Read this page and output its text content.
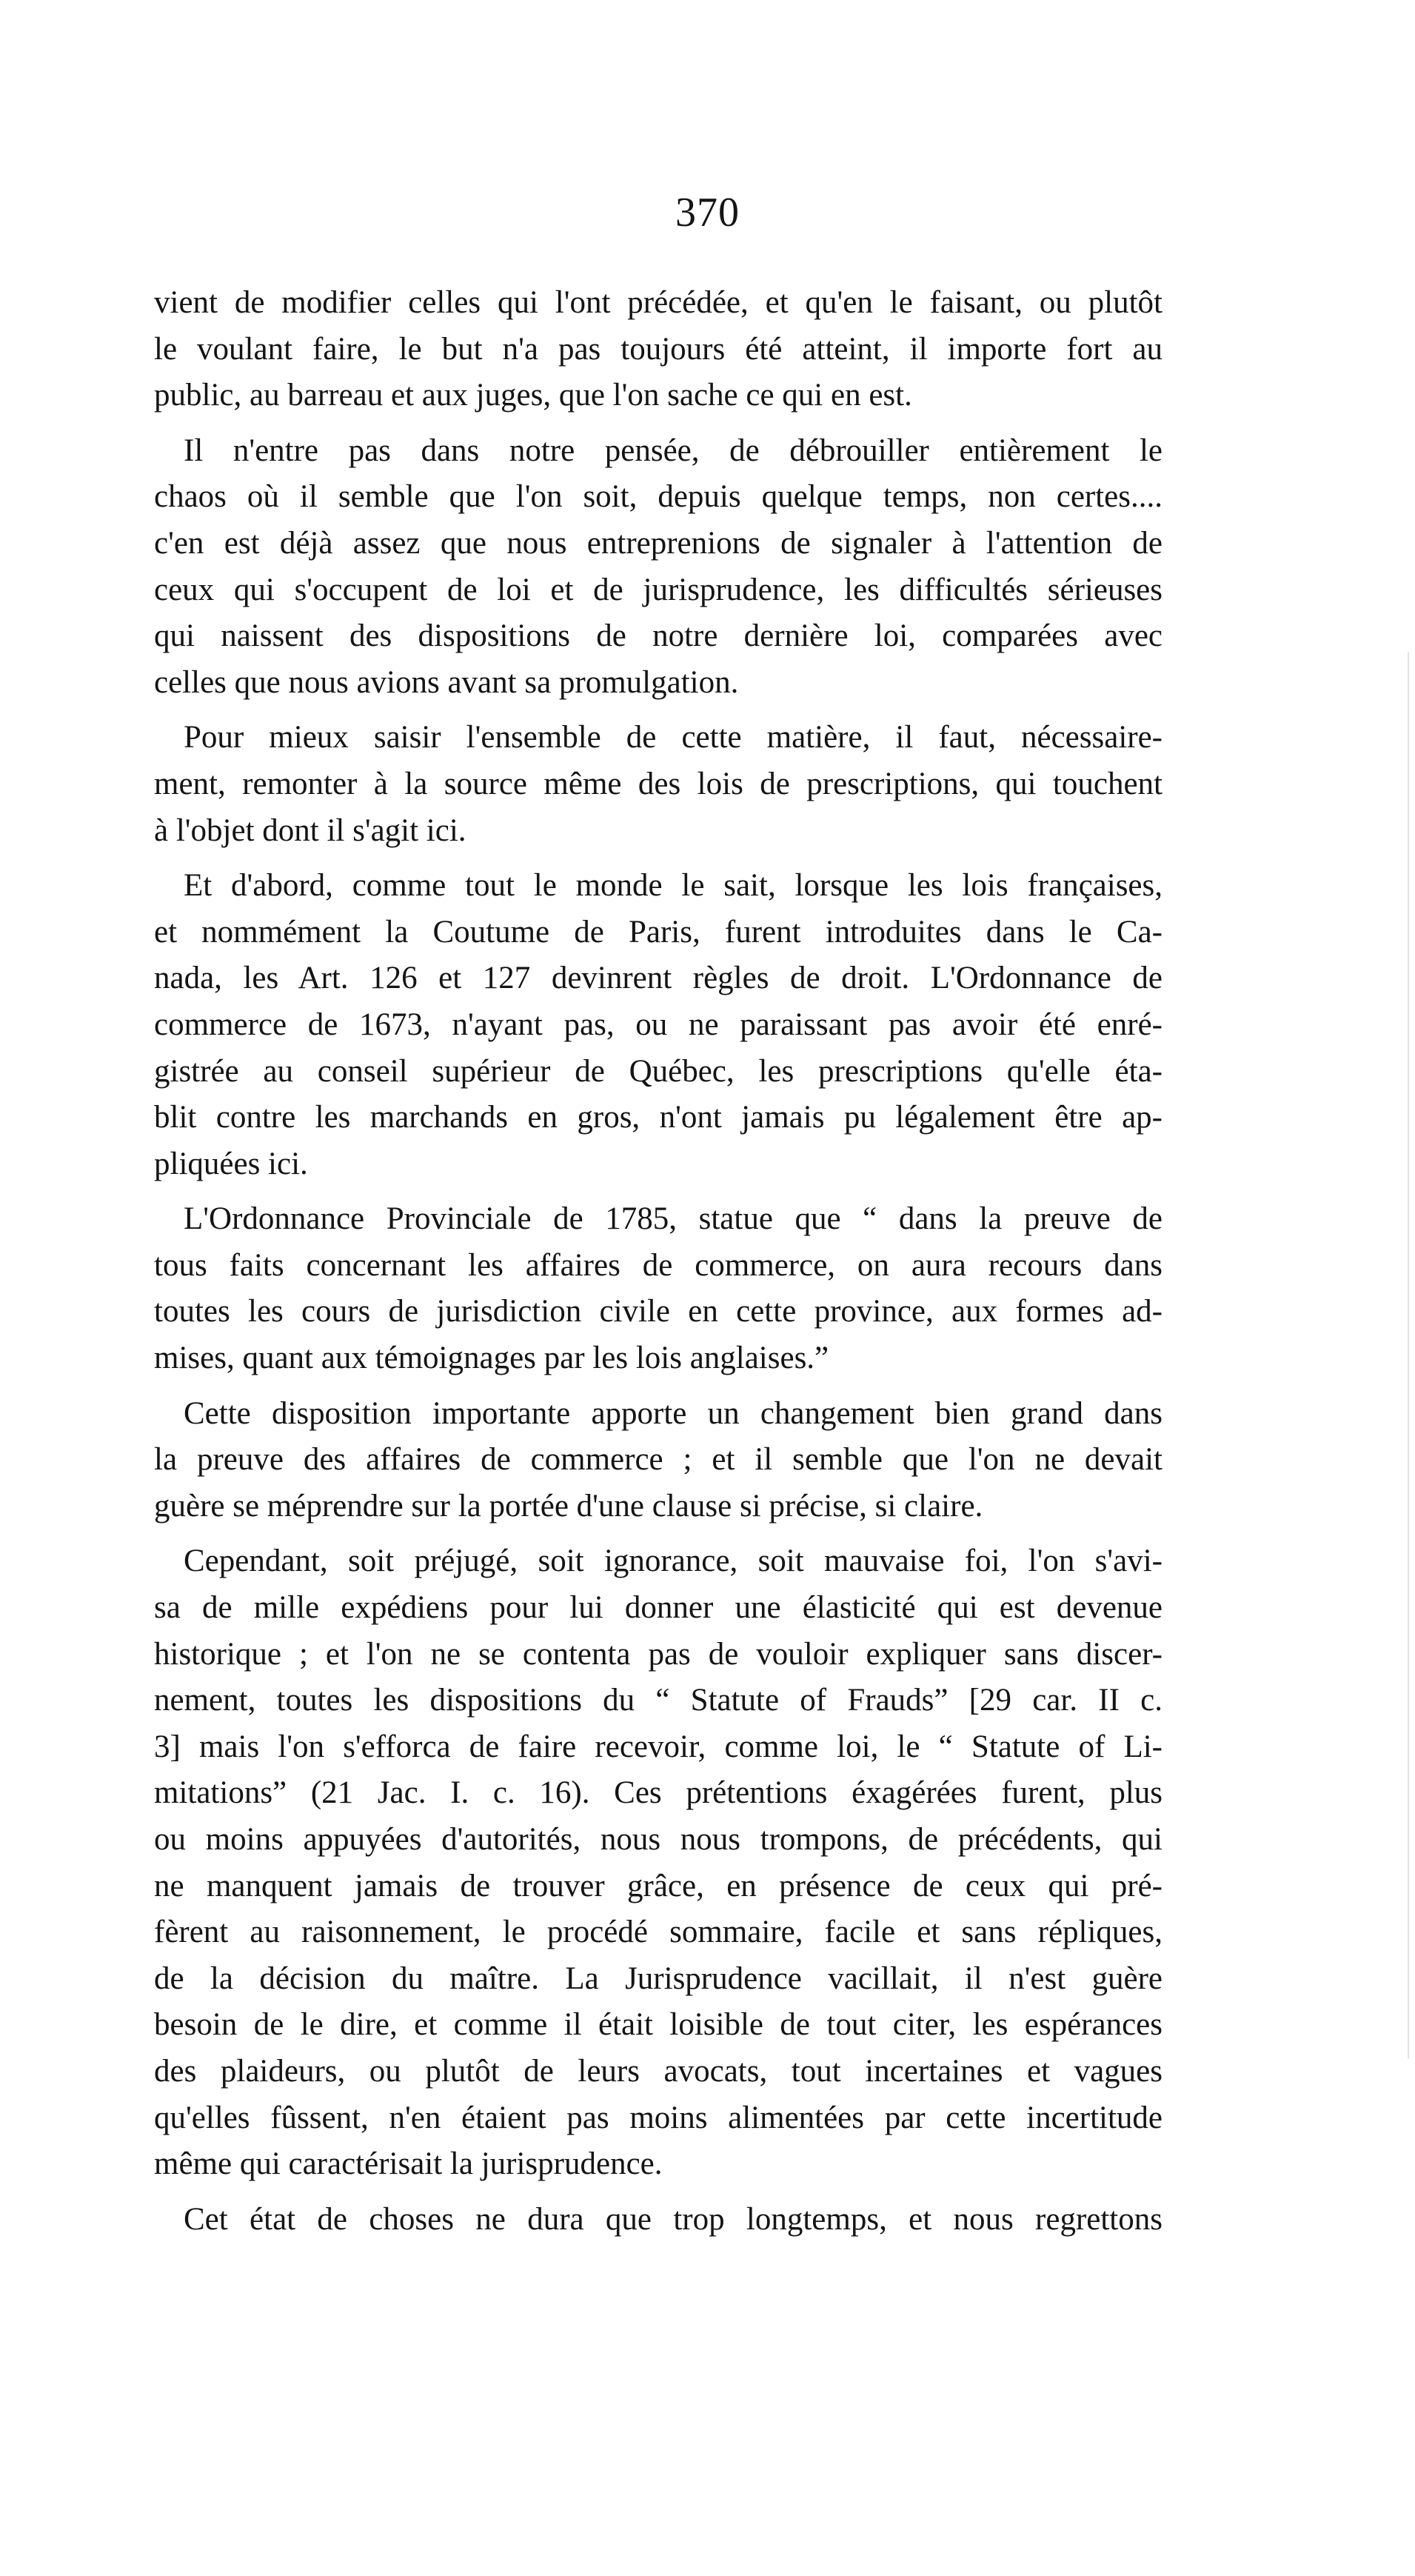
370
vient de modifier celles qui l'ont précédée, et qu'en le faisant, ou plutôt
le voulant faire, le but n'a pas toujours été atteint, il importe fort au
public, au barreau et aux juges, que l'on sache ce qui en est.
Il n'entre pas dans notre pensée, de débrouiller entièrement le
chaos où il semble que l'on soit, depuis quelque temps, non certes....
c'en est déjà assez que nous entreprenions de signaler à l'attention de
ceux qui s'occupent de loi et de jurisprudence, les difficultés sérieuses
qui naissent des dispositions de notre dernière loi, comparées avec
celles que nous avions avant sa promulgation.
Pour mieux saisir l'ensemble de cette matière, il faut, nécessaire-
ment, remonter à la source même des lois de prescriptions, qui touchent
à l'objet dont il s'agit ici.
Et d'abord, comme tout le monde le sait, lorsque les lois françaises,
et nommément la Coutume de Paris, furent introduites dans le Ca-
nada, les Art. 126 et 127 devinrent règles de droit. L'Ordonnance de
commerce de 1673, n'ayant pas, ou ne paraissant pas avoir été enré-
gistrée au conseil supérieur de Québec, les prescriptions qu'elle éta-
blit contre les marchands en gros, n'ont jamais pu légalement être ap-
pliquées ici.
L'Ordonnance Provinciale de 1785, statue que “ dans la preuve de
tous faits concernant les affaires de commerce, on aura recours dans
toutes les cours de jurisdiction civile en cette province, aux formes ad-
mises, quant aux témoignages par les lois anglaises.”
Cette disposition importante apporte un changement bien grand dans
la preuve des affaires de commerce ; et il semble que l'on ne devait
guère se méprendre sur la portée d'une clause si précise, si claire.
Cependant, soit préjugé, soit ignorance, soit mauvaise foi, l'on s'avi-
sa de mille expédiens pour lui donner une élasticité qui est devenue
historique ; et l'on ne se contenta pas de vouloir expliquer sans discer-
nement, toutes les dispositions du “ Statute of Frauds” [29 car. II c.
3] mais l'on s'efforca de faire recevoir, comme loi, le “ Statute of Li-
mitations” (21 Jac. I. c. 16). Ces prétentions éxagérées furent, plus
ou moins appuyées d'autorités, nous nous trompons, de précédents, qui
ne manquent jamais de trouver grâce, en présence de ceux qui pré-
fèrent au raisonnement, le procédé sommaire, facile et sans répliques,
de la décision du maître. La Jurisprudence vacillait, il n'est guère
besoin de le dire, et comme il était loisible de tout citer, les espérances
des plaideurs, ou plutôt de leurs avocats, tout incertaines et vagues
qu'elles fûssent, n'en étaient pas moins alimentées par cette incertitude
même qui caractérisait la jurisprudence.
Cet état de choses ne dura que trop longtemps, et nous regrettons
